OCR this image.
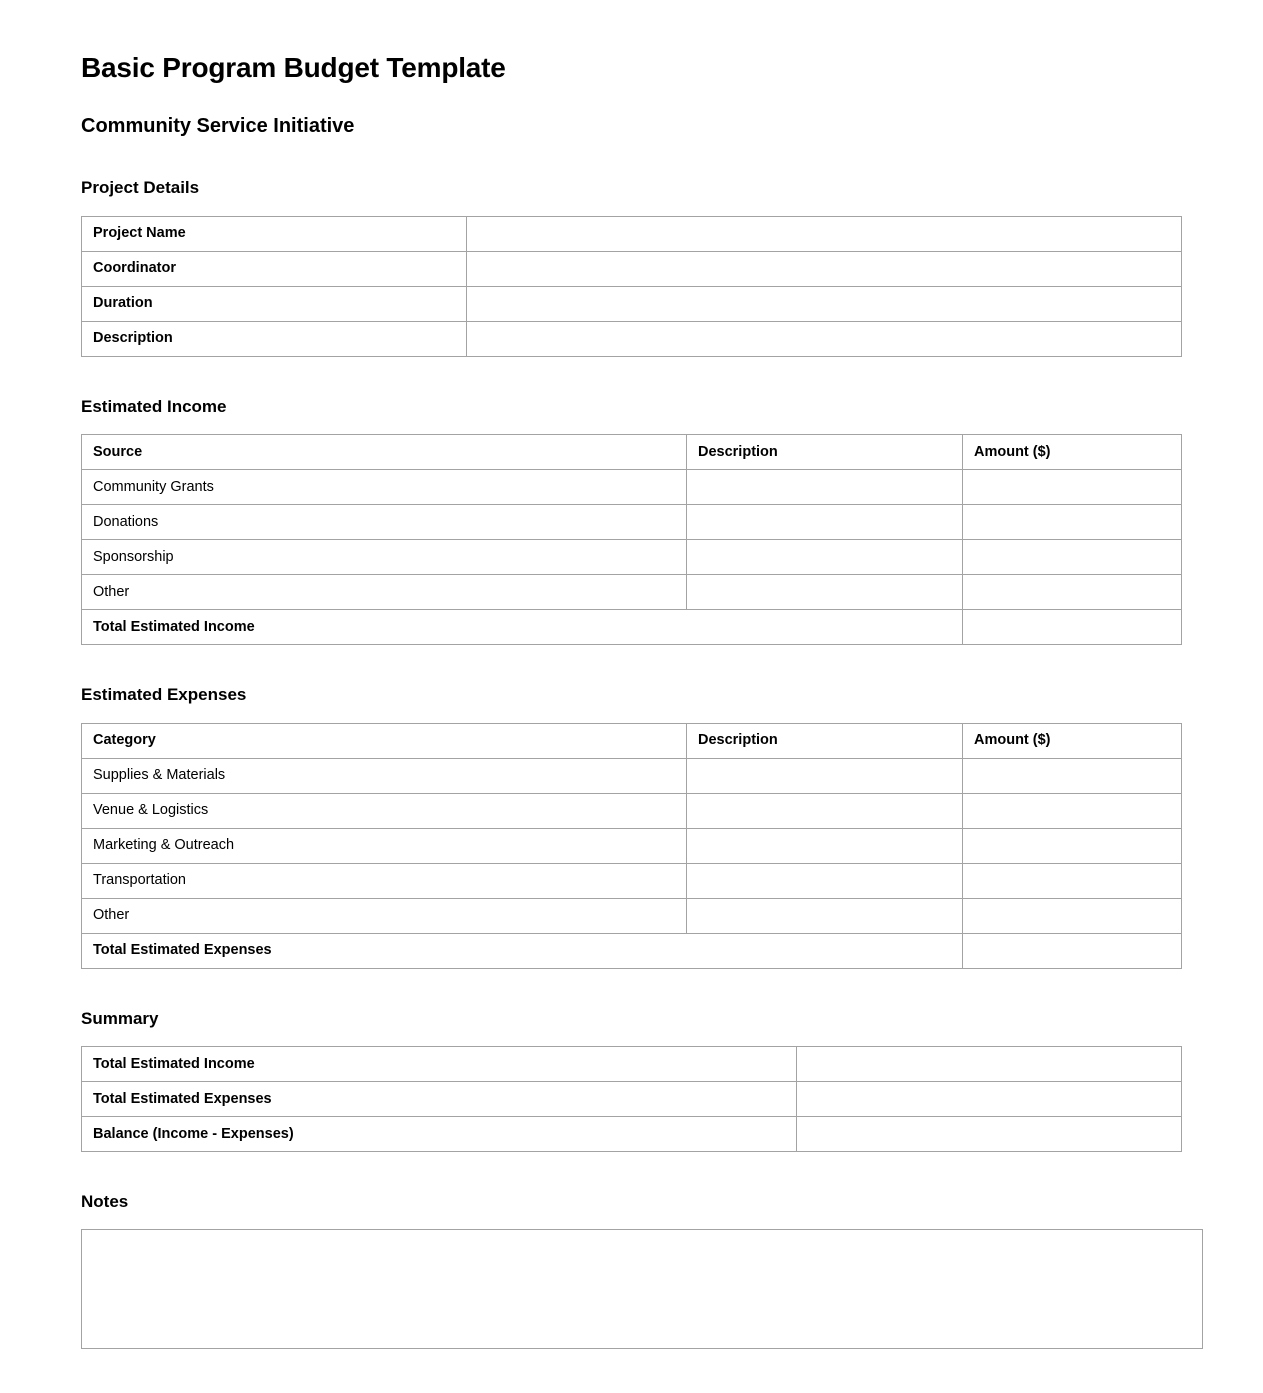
Basic Program Budget Template
Community Service Initiative
Project Details
Project Name	
Coordinator	
Duration	
Description	
Estimated Income
Source	Description	Amount ($)
Community Grants		
Donations		
Sponsorship		
Other		
Total Estimated Income		
Estimated Expenses
Category	Description	Amount ($)
Supplies & Materials		
Venue & Logistics		
Marketing & Outreach		
Transportation		
Other		
Total Estimated Expenses		
Summary
Total Estimated Income	
Total Estimated Expenses	
Balance (Income - Expenses)	
Notes
